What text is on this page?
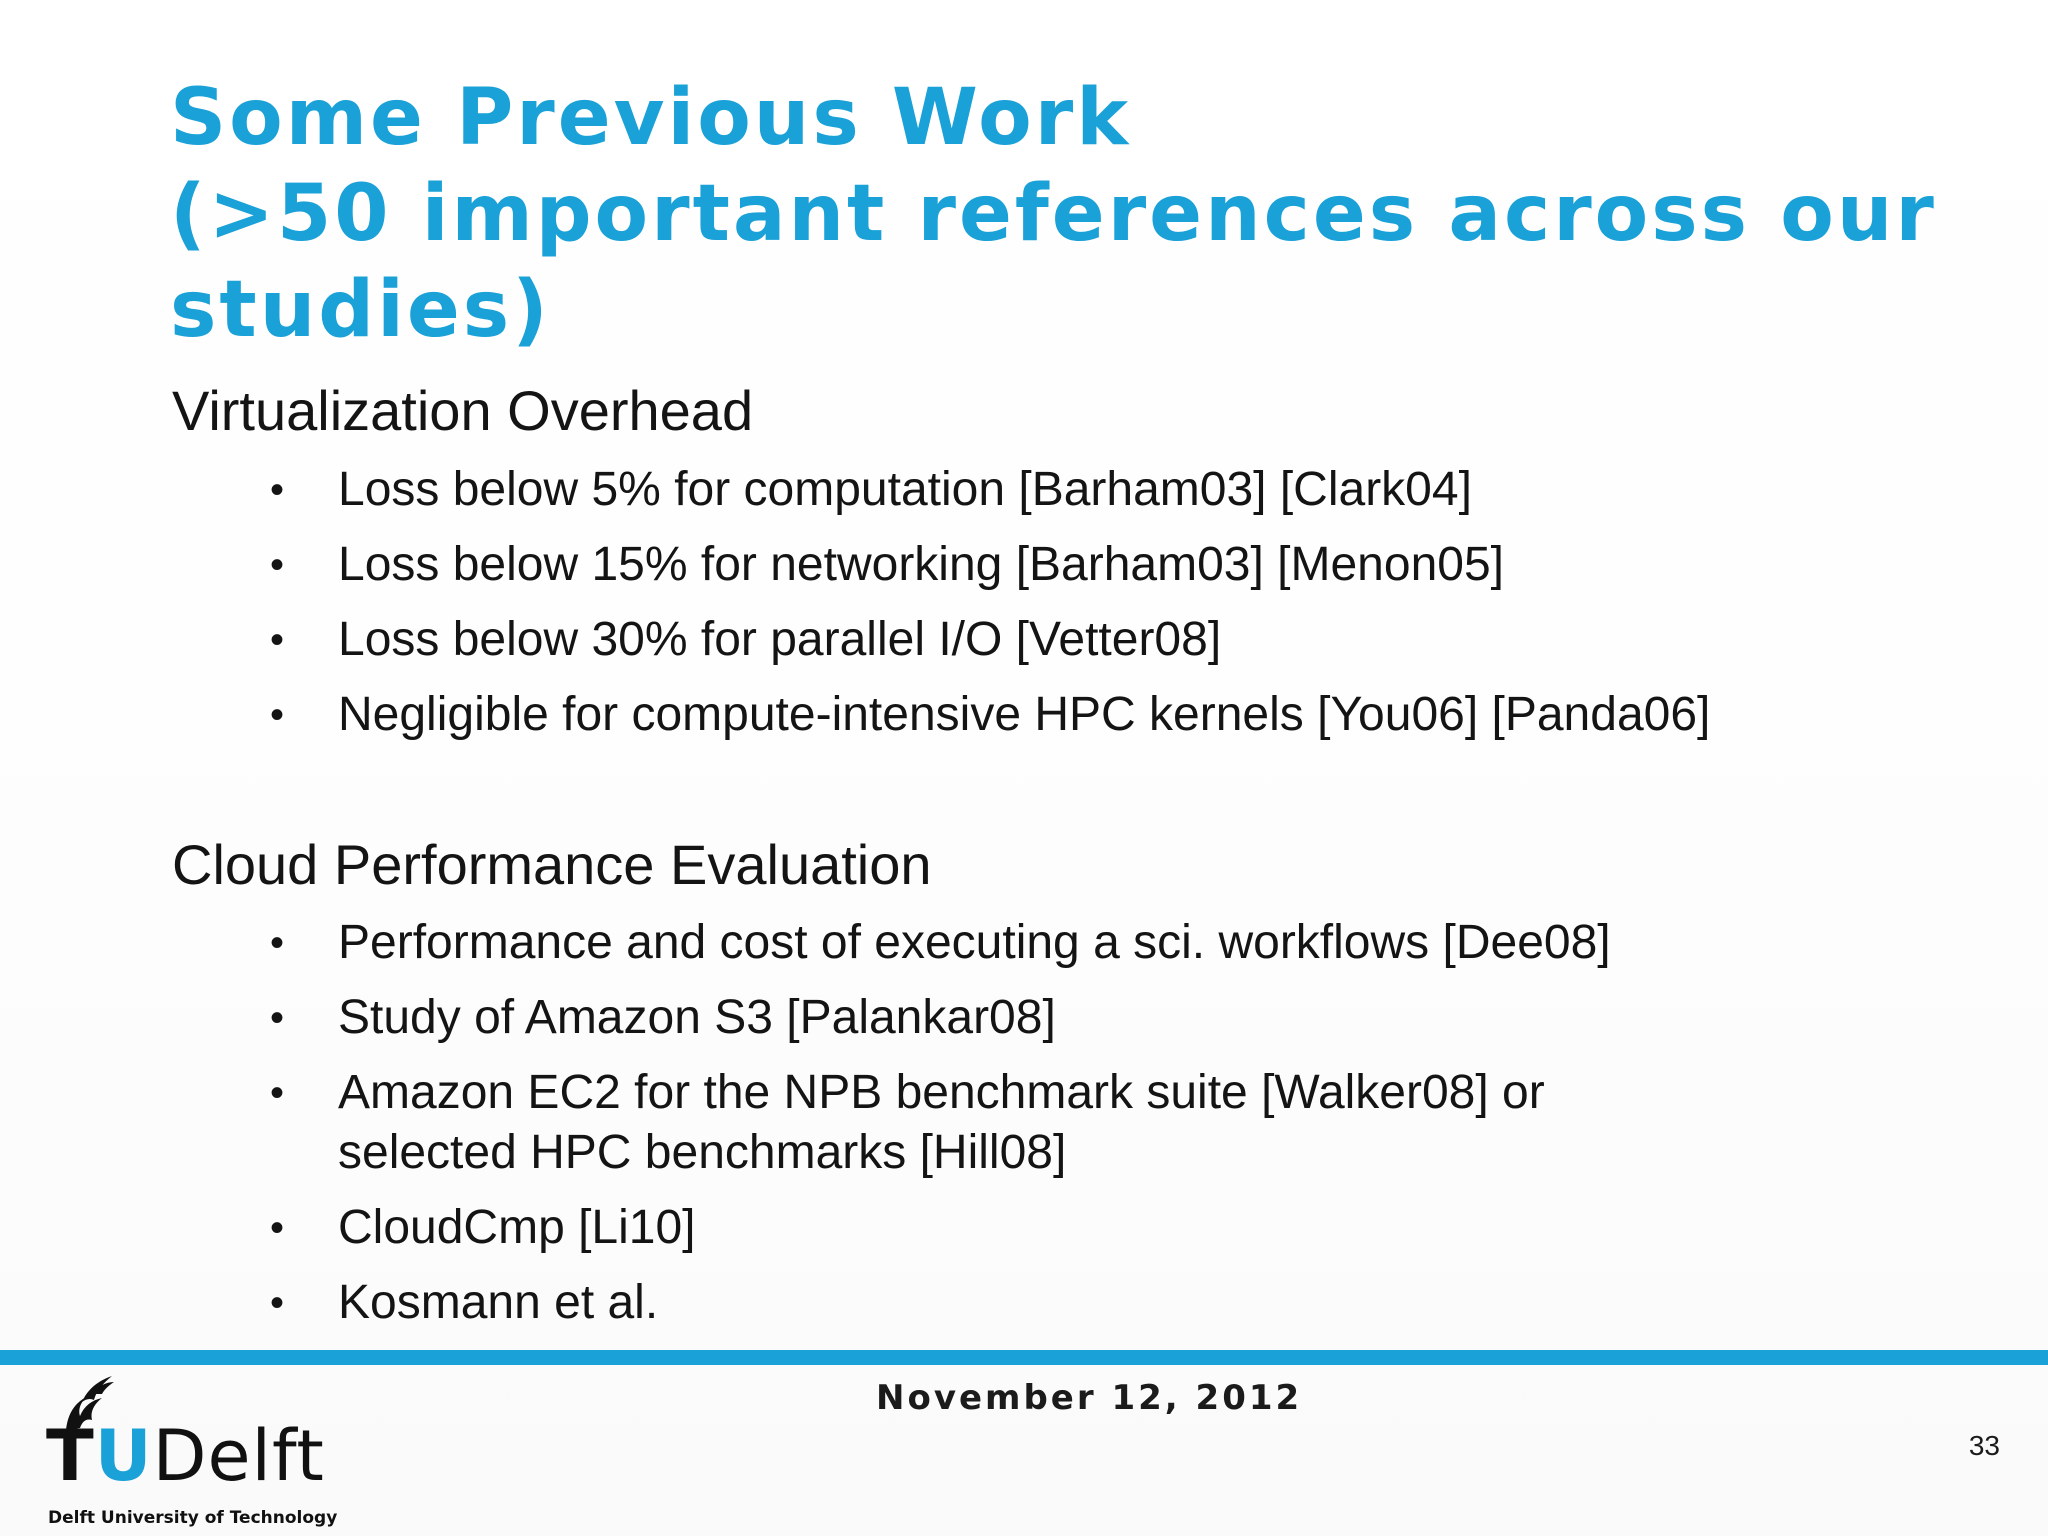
Some Previous Work
(>50 important references across our
studies)
Virtualization Overhead
•	Loss below 5% for computation [Barham03] [Clark04]
•	Loss below 15% for networking [Barham03] [Menon05]
•	Loss below 30% for parallel I/O [Vetter08]
•	Negligible for compute-intensive HPC kernels [You06] [Panda06]
Cloud Performance Evaluation
•	Performance and cost of executing a sci. workflows [Dee08]
•	Study of Amazon S3 [Palankar08]
•	Amazon EC2 for the NPB benchmark suite [Walker08] or
selected HPC benchmarks [Hill08]
•	CloudCmp [Li10]
•	Kosmann et al.
TUDelft
Delft University of Technology
November 12, 2012
33
